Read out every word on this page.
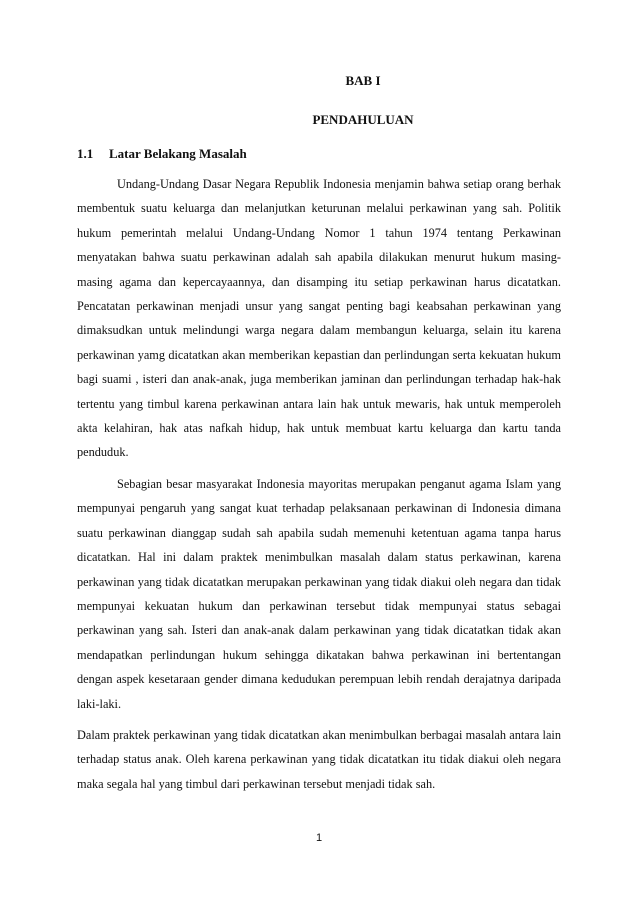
BAB I
PENDAHULUAN
1.1 Latar Belakang Masalah

Undang-Undang Dasar Negara Republik Indonesia menjamin bahwa setiap orang berhak membentuk suatu keluarga dan melanjutkan keturunan melalui perkawinan yang sah. Politik hukum pemerintah melalui Undang-Undang Nomor 1 tahun 1974 tentang Perkawinan menyatakan bahwa suatu perkawinan adalah sah apabila dilakukan menurut hukum masing-masing agama dan kepercayaannya, dan disamping itu setiap perkawinan harus dicatatkan. Pencatatan perkawinan menjadi unsur yang sangat penting bagi keabsahan perkawinan yang dimaksudkan untuk melindungi warga negara dalam membangun keluarga, selain itu karena perkawinan yamg dicatatkan akan memberikan kepastian dan perlindungan serta kekuatan hukum bagi suami , isteri dan anak-anak, juga memberikan jaminan dan perlindungan terhadap hak-hak tertentu yang timbul karena perkawinan antara lain hak untuk mewaris, hak untuk memperoleh akta kelahiran, hak atas nafkah hidup, hak untuk membuat kartu keluarga dan kartu tanda penduduk.

Sebagian besar masyarakat Indonesia mayoritas merupakan penganut agama Islam yang mempunyai pengaruh yang sangat kuat terhadap pelaksanaan perkawinan di Indonesia dimana suatu perkawinan dianggap sudah sah apabila sudah memenuhi ketentuan agama tanpa harus dicatatkan. Hal ini dalam praktek menimbulkan masalah dalam status perkawinan, karena perkawinan yang tidak dicatatkan merupakan perkawinan yang tidak diakui oleh negara dan tidak mempunyai kekuatan hukum dan perkawinan tersebut tidak mempunyai status sebagai perkawinan yang sah. Isteri dan anak-anak dalam perkawinan yang tidak dicatatkan tidak akan mendapatkan perlindungan hukum sehingga dikatakan bahwa perkawinan ini bertentangan dengan aspek kesetaraan gender dimana kedudukan perempuan lebih rendah derajatnya daripada laki-laki.

Dalam praktek perkawinan yang tidak dicatatkan akan menimbulkan berbagai masalah antara lain terhadap status anak. Oleh karena perkawinan yang tidak dicatatkan itu tidak diakui oleh negara maka segala hal yang timbul dari perkawinan tersebut menjadi tidak sah.

1
